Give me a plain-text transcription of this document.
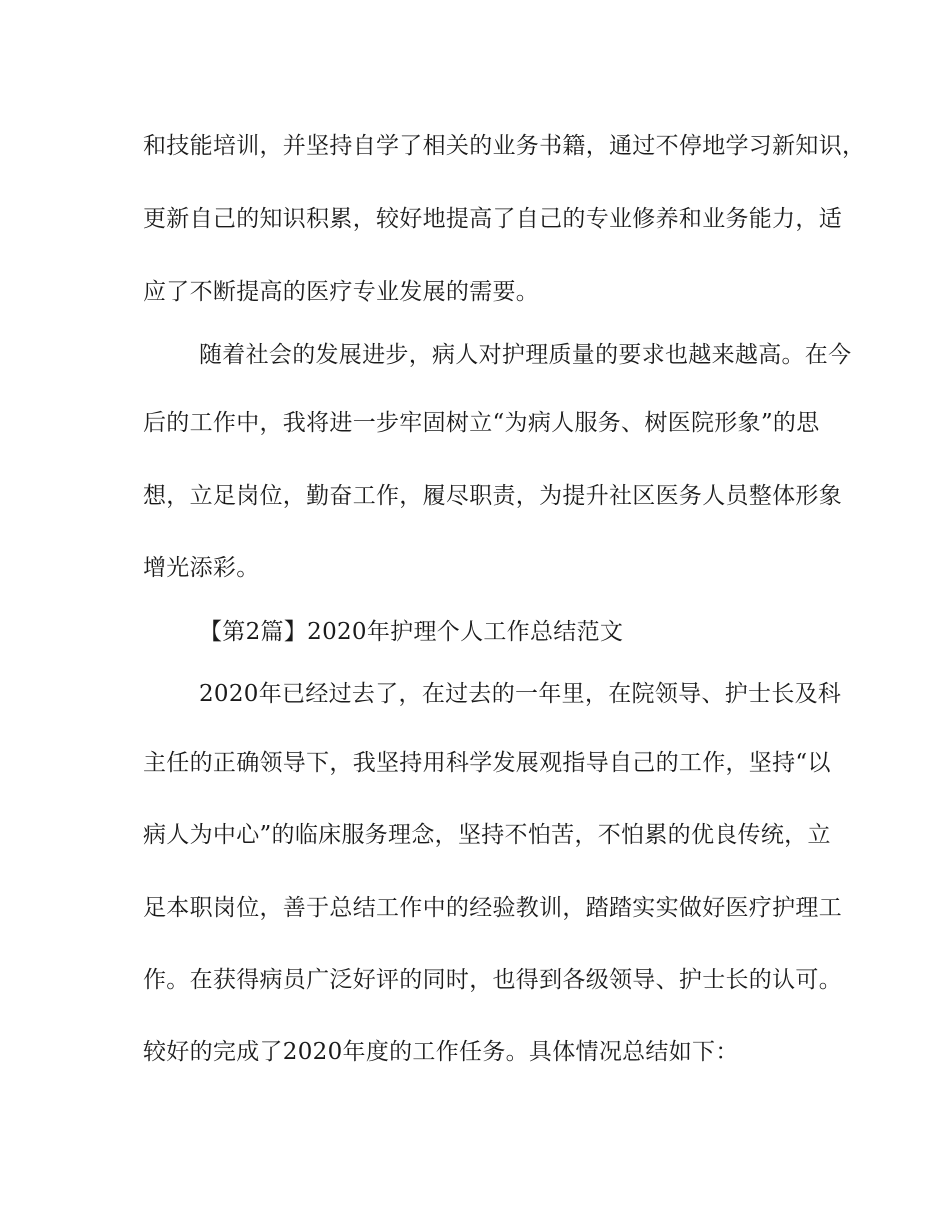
和技能培训，并坚持自学了相关的业务书籍，通过不停地学习新知识，

更新自己的知识积累，较好地提高了自己的专业修养和业务能力，适

应了不断提高的医疗专业发展的需要。

随着社会的发展进步，病人对护理质量的要求也越来越高。在今

后的工作中，我将进一步牢固树立“为病人服务、树医院形象”的思

想，立足岗位，勤奋工作，履尽职责，为提升社区医务人员整体形象

增光添彩。

【第2篇】2020年护理个人工作总结范文

2020年已经过去了，在过去的一年里，在院领导、护士长及科

主任的正确领导下，我坚持用科学发展观指导自己的工作，坚持“以

病人为中心”的临床服务理念，坚持不怕苦，不怕累的优良传统，立

足本职岗位，善于总结工作中的经验教训，踏踏实实做好医疗护理工

作。在获得病员广泛好评的同时，也得到各级领导、护士长的认可。

较好的完成了2020年度的工作任务。具体情况总结如下：
